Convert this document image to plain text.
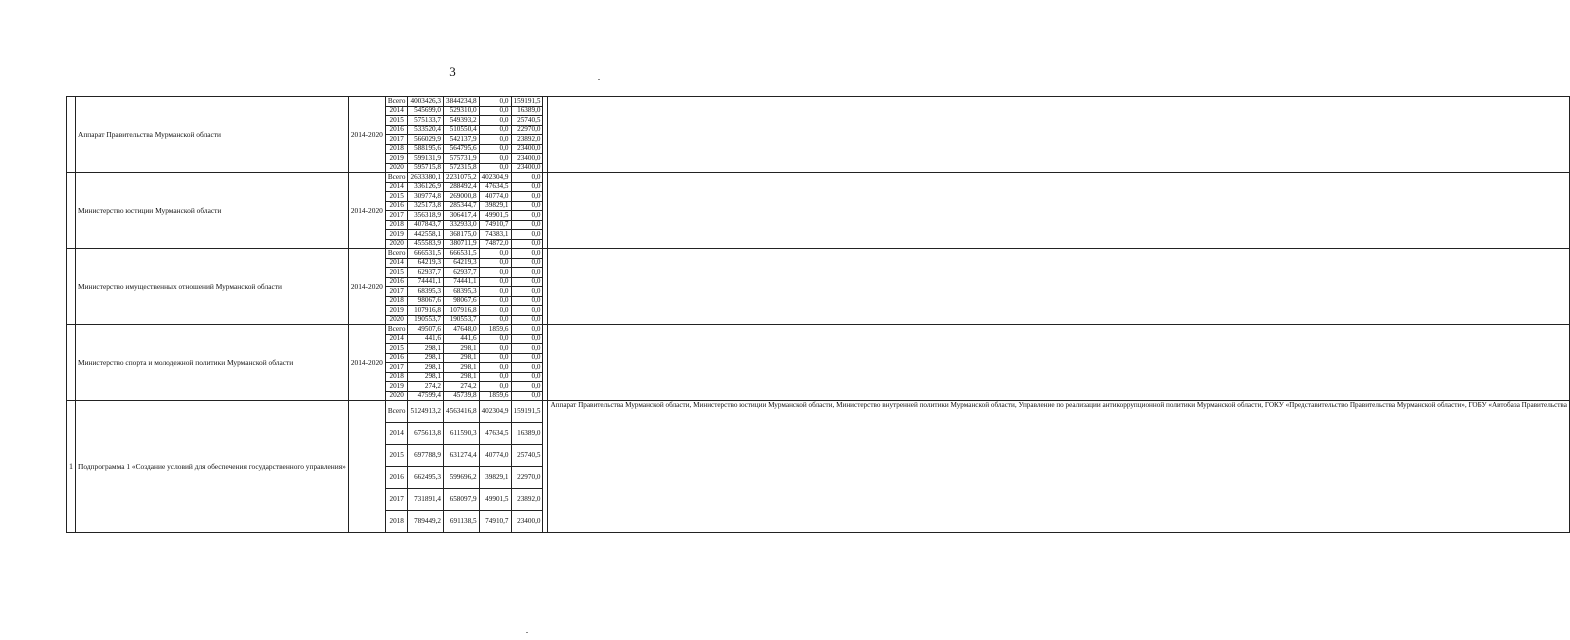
3
	Аппарат Правительства Мурманской области	2014-2020	Всего	4003426,3	3844234,8	0,0	159191,5		
			2014	545699,0	529310,0	0,0	16389,0		
			2015	575133,7	549393,2	0,0	25740,5		
			2016	533520,4	510550,4	0,0	22970,0		
			2017	566029,9	542137,9	0,0	23892,0		
			2018	588195,6	564795,6	0,0	23400,0		
			2019	599131,9	575731,9	0,0	23400,0		
			2020	595715,8	572315,8	0,0	23400,0		
	Министерство юстиции Мурманской области	2014-2020	Всего	2633380,1	2231075,2	402304,9	0,0		
			2014	336126,9	288492,4	47634,5	0,0		
			2015	309774,8	269000,8	40774,0	0,0		
			2016	325173,8	285344,7	39829,1	0,0		
			2017	356318,9	306417,4	49901,5	0,0		
			2018	407843,7	332933,0	74910,7	0,0		
			2019	442558,1	368175,0	74383,1	0,0		
			2020	455583,9	380711,9	74872,0	0,0		
	Министерство имущественных отношений Мурманской области	2014-2020	Всего	666531,5	666531,5	0,0	0,0		
			2014	64219,3	64219,3	0,0	0,0		
			2015	62937,7	62937,7	0,0	0,0		
			2016	74441,1	74441,1	0,0	0,0		
			2017	68395,3	68395,3	0,0	0,0		
			2018	98067,6	98067,6	0,0	0,0		
			2019	107916,8	107916,8	0,0	0,0		
			2020	190553,7	190553,7	0,0	0,0		
	Министерство спорта и молодежной политики Мурманской области	2014-2020	Всего	49507,6	47648,0	1859,6	0,0		
			2014	441,6	441,6	0,0	0,0		
			2015	298,1	298,1	0,0	0,0		
			2016	298,1	298,1	0,0	0,0		
			2017	298,1	298,1	0,0	0,0		
			2018	298,1	298,1	0,0	0,0		
			2019	274,2	274,2	0,0	0,0		
			2020	47599,4	45739,8	1859,6	0,0		
1	Подпрограмма 1 «Создание условий для обеспечения государственного управления»		Всего	5124913,2	4563416,8	402304,9	159191,5		Аппарат Правительства Мурманской области, Министерство юстиции Мурманской области, Министерство внутренней политики Мурманской области, Управление по реализации антикоррупционной политики Мурманской области, ГОКУ «Представительство Правительства Мурманской области», ГОБУ «Автобаза Правительства
			2014	675613,8	611590,3	47634,5	16389,0		
			2015	697788,9	631274,4	40774,0	25740,5		
			2016	662495,3	599696,2	39829,1	22970,0		
			2017	731891,4	658097,9	49901,5	23892,0		
			2018	789449,2	691138,5	74910,7	23400,0		
